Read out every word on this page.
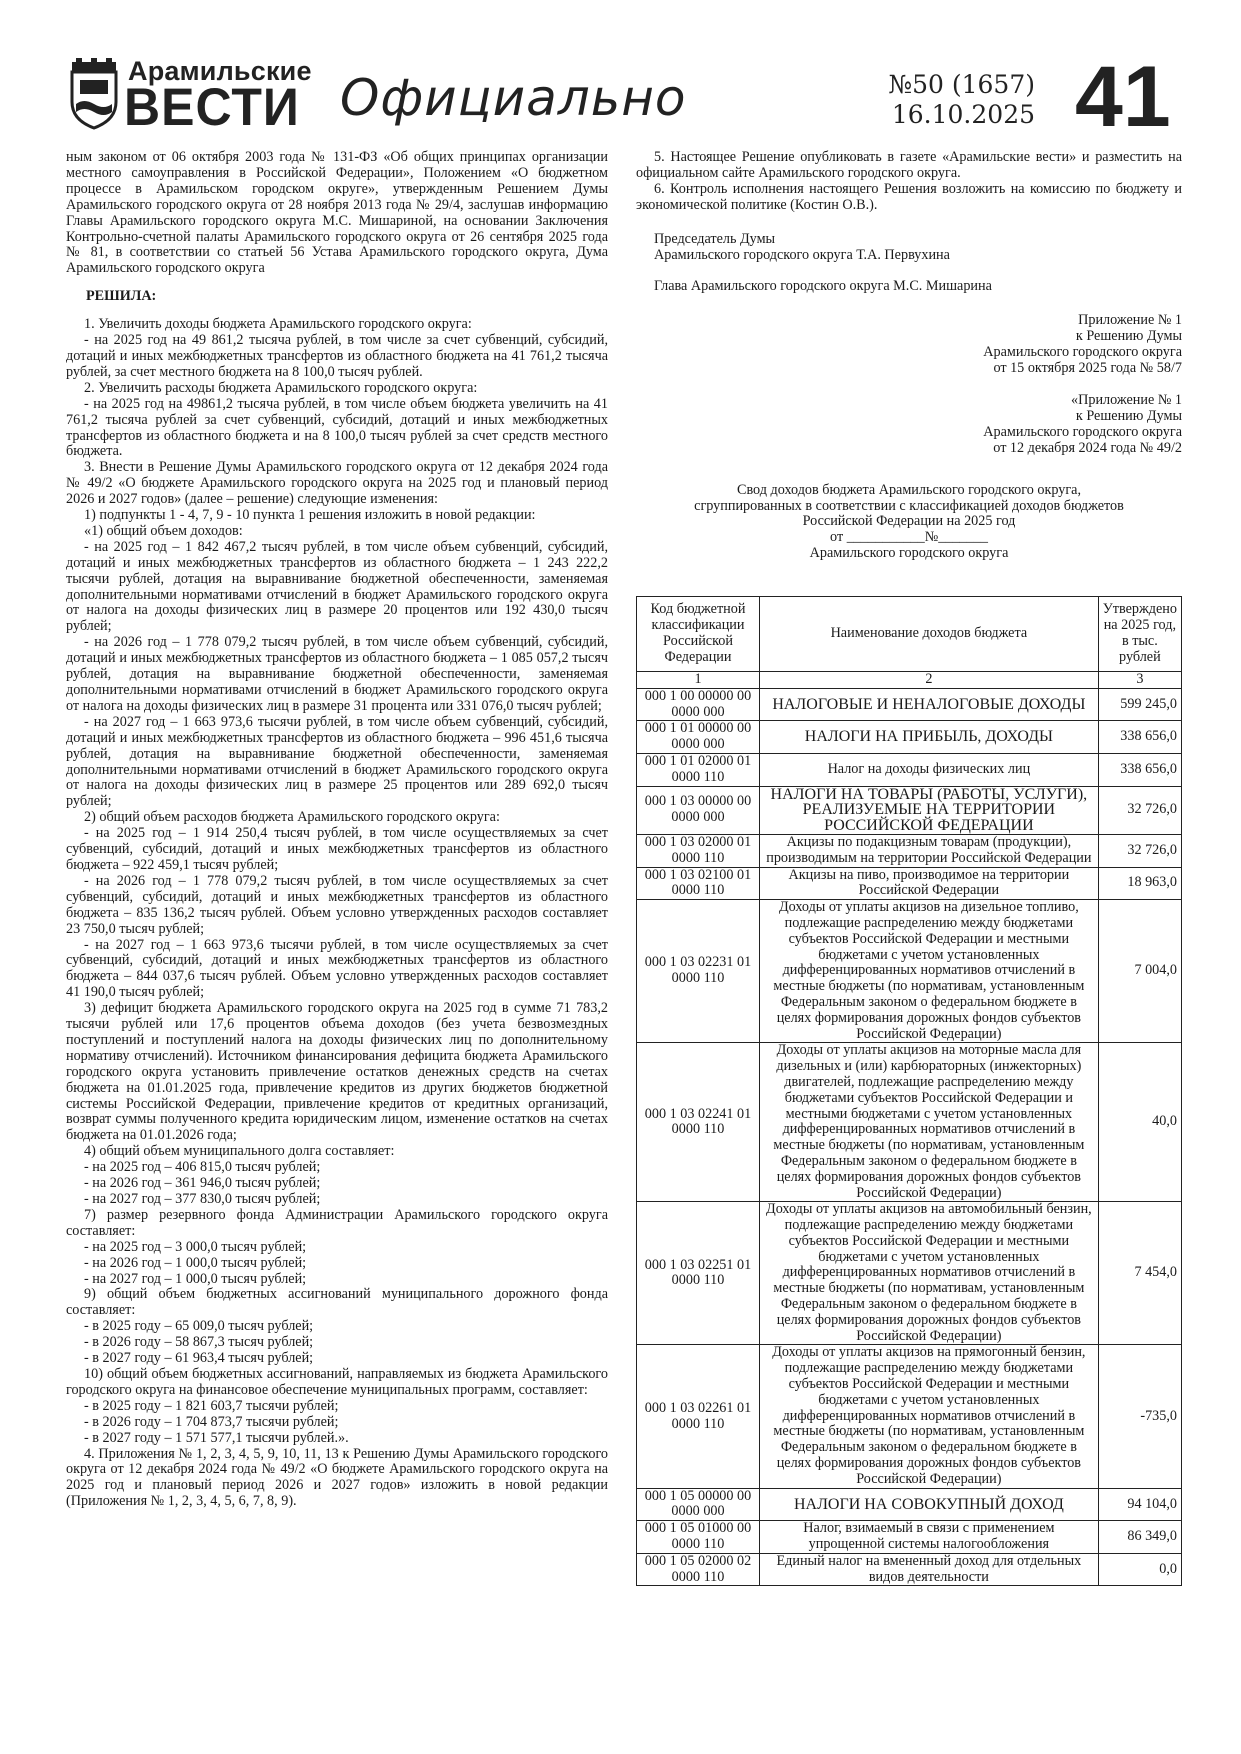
Арамильские
ВЕСТИ Официально	№50 (1657)
16.10.2025 41

ным законом от 06 октября 2003 года № 131-ФЗ «Об общих принципах организации местного самоуправления в Российской Федерации», Положением «О бюджетном процессе в Арамильском городском округе», утвержденным Решением Думы Арамильского городского округа от 28 ноября 2013 года № 29/4, заслушав информацию Главы Арамильского городского округа М.С. Мишариной, на основании Заключения Контрольно-счетной палаты Арамильского городского округа от 26 сентября 2025 года № 81, в соответствии со статьей 56 Устава Арамильского городского округа, Дума Арамильского городского округа

РЕШИЛА:

1. Увеличить доходы бюджета Арамильского городского округа:

- на 2025 год на 49 861,2 тысяча рублей, в том числе за счет субвенций, субсидий, дотаций и иных межбюджетных трансфертов из областного бюджета на 41 761,2 тысяча рублей, за счет местного бюджета на 8 100,0 тысяч рублей.

2. Увеличить расходы бюджета Арамильского городского округа:

- на 2025 год на 49861,2 тысяча рублей, в том числе объем бюджета увеличить на 41 761,2 тысяча рублей за счет субвенций, субсидий, дотаций и иных межбюджетных трансфертов из областного бюджета и на 8 100,0 тысяч рублей за счет средств местного бюджета.

3. Внести в Решение Думы Арамильского городского округа от 12 декабря 2024 года № 49/2 «О бюджете Арамильского городского округа на 2025 год и плановый период 2026 и 2027 годов» (далее – решение) следующие изменения:

1) подпункты 1 - 4, 7, 9 - 10 пункта 1 решения изложить в новой редакции:

«1) общий объем доходов:

- на 2025 год – 1 842 467,2 тысяч рублей, в том числе объем субвенций, субсидий, дотаций и иных межбюджетных трансфертов из областного бюджета – 1 243 222,2 тысячи рублей, дотация на выравнивание бюджетной обеспеченности, заменяемая дополнительными нормативами отчислений в бюджет Арамильского городского округа от налога на доходы физических лиц в размере 20 процентов или 192 430,0 тысяч рублей;

- на 2026 год – 1 778 079,2 тысяч рублей, в том числе объем субвенций, субсидий, дотаций и иных межбюджетных трансфертов из областного бюджета – 1 085 057,2 тысяч рублей, дотация на выравнивание бюджетной обеспеченности, заменяемая дополнительными нормативами отчислений в бюджет Арамильского городского округа от налога на доходы физических лиц в размере 31 процента или 331 076,0 тысяч рублей;

- на 2027 год – 1 663 973,6 тысячи рублей, в том числе объем субвенций, субсидий, дотаций и иных межбюджетных трансфертов из областного бюджета – 996 451,6 тысяча рублей, дотация на выравнивание бюджетной обеспеченности, заменяемая дополнительными нормативами отчислений в бюджет Арамильского городского округа от налога на доходы физических лиц в размере 25 процентов или 289 692,0 тысяч рублей;

2) общий объем расходов бюджета Арамильского городского округа:

- на 2025 год – 1 914 250,4 тысяч рублей, в том числе осуществляемых за счет субвенций, субсидий, дотаций и иных межбюджетных трансфертов из областного бюджета – 922 459,1 тысяч рублей;

- на 2026 год – 1 778 079,2 тысяч рублей, в том числе осуществляемых за счет субвенций, субсидий, дотаций и иных межбюджетных трансфертов из областного бюджета – 835 136,2 тысяч рублей. Объем условно утвержденных расходов составляет 23 750,0 тысяч рублей;

- на 2027 год – 1 663 973,6 тысячи рублей, в том числе осуществляемых за счет субвенций, субсидий, дотаций и иных межбюджетных трансфертов из областного бюджета – 844 037,6 тысяч рублей. Объем условно утвержденных расходов составляет 41 190,0 тысяч рублей;

3) дефицит бюджета Арамильского городского округа на 2025 год в сумме 71 783,2 тысячи рублей или 17,6 процентов объема доходов (без учета безвозмездных поступлений и поступлений налога на доходы физических лиц по дополнительному нормативу отчислений). Источником финансирования дефицита бюджета Арамильского городского округа установить привлечение остатков денежных средств на счетах бюджета на 01.01.2025 года, привлечение кредитов из других бюджетов бюджетной системы Российской Федерации, привлечение кредитов от кредитных организаций, возврат суммы полученного кредита юридическим лицом, изменение остатков на счетах бюджета на 01.01.2026 года;

4) общий объем муниципального долга составляет:

- на 2025 год – 406 815,0 тысяч рублей;

- на 2026 год – 361 946,0 тысяч рублей;

- на 2027 год – 377 830,0 тысяч рублей;

7) размер резервного фонда Администрации Арамильского городского округа составляет:

- на 2025 год – 3 000,0 тысяч рублей;

- на 2026 год – 1 000,0 тысяч рублей;

- на 2027 год – 1 000,0 тысяч рублей;

9) общий объем бюджетных ассигнований муниципального дорожного фонда составляет:

- в 2025 году – 65 009,0 тысяч рублей;

- в 2026 году – 58 867,3 тысяч рублей;

- в 2027 году – 61 963,4 тысяч рублей;

10) общий объем бюджетных ассигнований, направляемых из бюджета Арамильского городского округа на финансовое обеспечение муниципальных программ, составляет:

- в 2025 году – 1 821 603,7 тысячи рублей;

- в 2026 году – 1 704 873,7 тысячи рублей;

- в 2027 году – 1 571 577,1 тысячи рублей.».

4. Приложения № 1, 2, 3, 4, 5, 9, 10, 11, 13 к Решению Думы Арамильского городского округа от 12 декабря 2024 года № 49/2 «О бюджете Арамильского городского округа на 2025 год и плановый период 2026 и 2027 годов» изложить в новой редакции (Приложения № 1, 2, 3, 4, 5, 6, 7, 8, 9).

5. Настоящее Решение опубликовать в газете «Арамильские вести» и разместить на официальном сайте Арамильского городского округа.

6. Контроль исполнения настоящего Решения возложить на комиссию по бюджету и экономической политике (Костин О.В.).

Председатель Думы
Арамильского городского округа Т.А. Первухина
Глава Арамильского городского округа М.С. Мишарина
Приложение № 1
к Решению Думы
Арамильского городского округа
от 15 октября 2025 года № 58/7
«Приложение № 1
к Решению Думы
Арамильского городского округа
от 12 декабря 2024 года № 49/2
Свод доходов бюджета Арамильского городского округа,
сгруппированных в соответствии с классификацией доходов бюджетов
Российской Федерации на 2025 год
от ___________№_______
Арамильского городского округа
Код бюджетной классификации Российской Федерации	Наименование доходов бюджета	Утверждено на 2025 год, в тыс. рублей
1	2	3
000 1 00 00000 00 0000 000	НАЛОГОВЫЕ И НЕНАЛОГОВЫЕ ДОХОДЫ	599 245,0
000 1 01 00000 00 0000 000	НАЛОГИ НА ПРИБЫЛЬ, ДОХОДЫ	338 656,0
000 1 01 02000 01 0000 110	Налог на доходы физических лиц	338 656,0
000 1 03 00000 00 0000 000	НАЛОГИ НА ТОВАРЫ (РАБОТЫ, УСЛУГИ), РЕАЛИЗУЕМЫЕ НА ТЕРРИТОРИИ РОССИЙСКОЙ ФЕДЕРАЦИИ	32 726,0
000 1 03 02000 01 0000 110	Акцизы по подакцизным товарам (продукции), производимым на территории Российской Федерации	32 726,0
000 1 03 02100 01 0000 110	Акцизы на пиво, производимое на территории Российской Федерации	18 963,0
000 1 03 02231 01 0000 110	Доходы от уплаты акцизов на дизельное топливо, подлежащие распределению между бюджетами субъектов Российской Федерации и местными бюджетами с учетом установленных дифференцированных нормативов отчислений в местные бюджеты (по нормативам, установленным Федеральным законом о федеральном бюджете в целях формирования дорожных фондов субъектов Российской Федерации)	7 004,0
000 1 03 02241 01 0000 110	Доходы от уплаты акцизов на моторные масла для дизельных и (или) карбюраторных (инжекторных) двигателей, подлежащие распределению между бюджетами субъектов Российской Федерации и местными бюджетами с учетом установленных дифференцированных нормативов отчислений в местные бюджеты (по нормативам, установленным Федеральным законом о федеральном бюджете в целях формирования дорожных фондов субъектов Российской Федерации)	40,0
000 1 03 02251 01 0000 110	Доходы от уплаты акцизов на автомобильный бензин, подлежащие распределению между бюджетами субъектов Российской Федерации и местными бюджетами с учетом установленных дифференцированных нормативов отчислений в местные бюджеты (по нормативам, установленным Федеральным законом о федеральном бюджете в целях формирования дорожных фондов субъектов Российской Федерации)	7 454,0
000 1 03 02261 01 0000 110	Доходы от уплаты акцизов на прямогонный бензин, подлежащие распределению между бюджетами субъектов Российской Федерации и местными бюджетами с учетом установленных дифференцированных нормативов отчислений в местные бюджеты (по нормативам, установленным Федеральным законом о федеральном бюджете в целях формирования дорожных фондов субъектов Российской Федерации)	-735,0
000 1 05 00000 00 0000 000	НАЛОГИ НА СОВОКУПНЫЙ ДОХОД	94 104,0
000 1 05 01000 00 0000 110	Налог, взимаемый в связи с применением упрощенной системы налогообложения	86 349,0
000 1 05 02000 02 0000 110	Единый налог на вмененный доход для отдельных видов деятельности	0,0
